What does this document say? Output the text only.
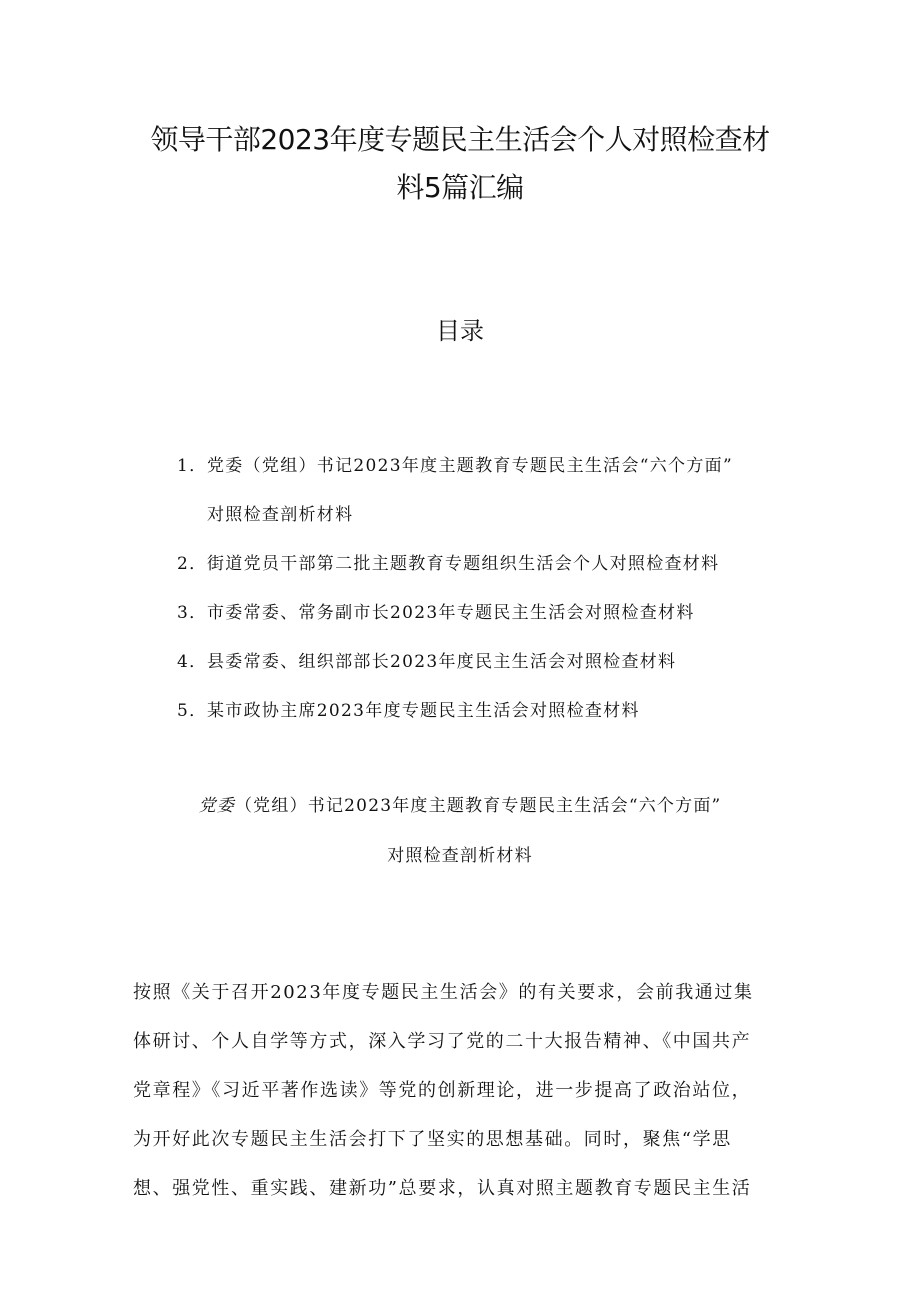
领导干部2023年度专题民主生活会个人对照检查材
料5篇汇编
目录
1．党委（党组）书记2023年度主题教育专题民主生活会“六个方面”
对照检查剖析材料
2．街道党员干部第二批主题教育专题组织生活会个人对照检查材料
3．市委常委、常务副市长2023年专题民主生活会对照检查材料
4．县委常委、组织部部长2023年度民主生活会对照检查材料
5．某市政协主席2023年度专题民主生活会对照检查材料
党委（党组）书记2023年度主题教育专题民主生活会“六个方面”
对照检查剖析材料
按照《关于召开2023年度专题民主生活会》的有关要求，会前我通过集
体研讨、个人自学等方式，深入学习了党的二十大报告精神、《中国共产
党章程》《习近平著作选读》等党的创新理论，进一步提高了政治站位，
为开好此次专题民主生活会打下了坚实的思想基础。同时，聚焦“学思
想、强党性、重实践、建新功”总要求，认真对照主题教育专题民主生活
